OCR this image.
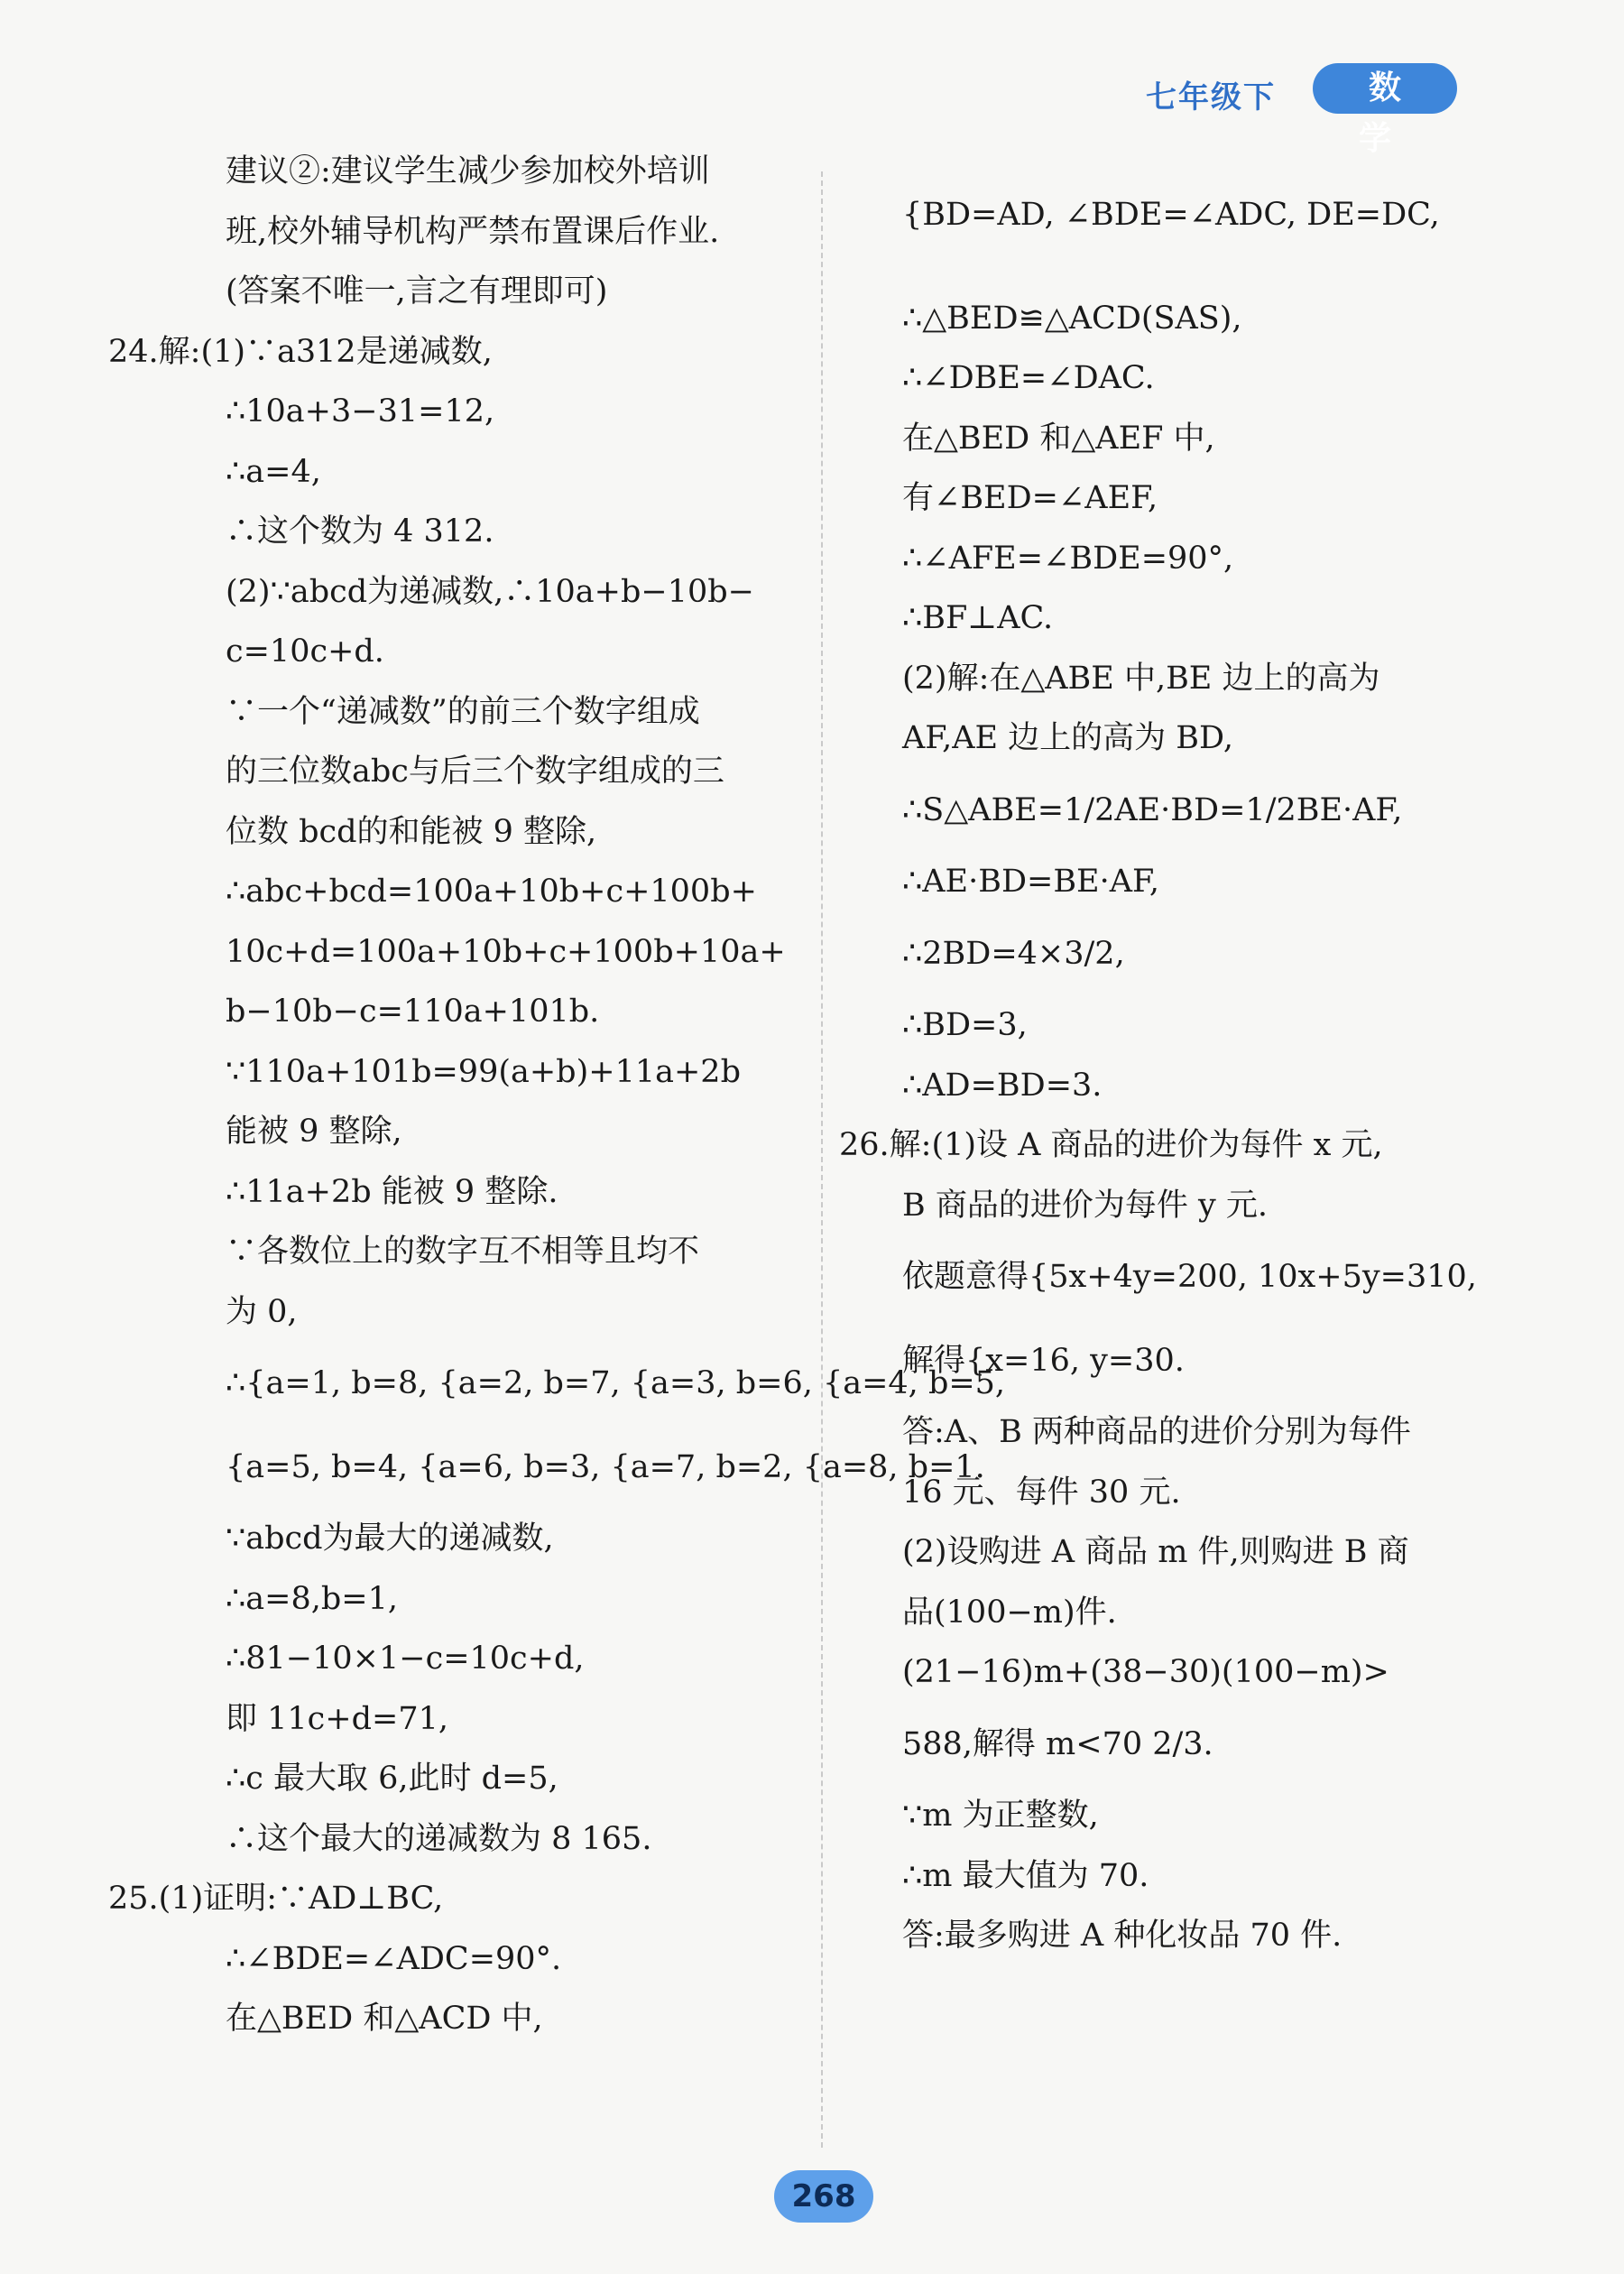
七年级下	数 学
建议②:建议学生减少参加校外培训
班,校外辅导机构严禁布置课后作业.
(答案不唯一,言之有理即可)
24.解:(1)∵a312是递减数,
∴10a+3−31=12,
∴a=4,
∴这个数为 4 312.
(2)∵abcd为递减数,∴10a+b−10b−
c=10c+d.
∵一个“递减数”的前三个数字组成
的三位数abc与后三个数字组成的三
位数 bcd的和能被 9 整除,
∴abc+bcd=100a+10b+c+100b+
10c+d=100a+10b+c+100b+10a+
b−10b−c=110a+101b.
∵110a+101b=99(a+b)+11a+2b
能被 9 整除,
∴11a+2b 能被 9 整除.
∵各数位上的数字互不相等且均不
为 0,
∴{a=1, b=8, {a=2, b=7, {a=3, b=6, {a=4, b=5,
{a=5, b=4, {a=6, b=3, {a=7, b=2, {a=8, b=1.
∵abcd为最大的递减数,
∴a=8,b=1,
∴81−10×1−c=10c+d,
即 11c+d=71,
∴c 最大取 6,此时 d=5,
∴这个最大的递减数为 8 165.
25.(1)证明:∵AD⊥BC,
∴∠BDE=∠ADC=90°.
在△BED 和△ACD 中,
{BD=AD, ∠BDE=∠ADC, DE=DC,
∴△BED≌△ACD(SAS),
∴∠DBE=∠DAC.
在△BED 和△AEF 中,
有∠BED=∠AEF,
∴∠AFE=∠BDE=90°,
∴BF⊥AC.
(2)解:在△ABE 中,BE 边上的高为
AF,AE 边上的高为 BD,
∴S△ABE=1/2AE·BD=1/2BE·AF,
∴AE·BD=BE·AF,
∴2BD=4×3/2,
∴BD=3,
∴AD=BD=3.
26.解:(1)设 A 商品的进价为每件 x 元,
B 商品的进价为每件 y 元.
依题意得{5x+4y=200, 10x+5y=310,
解得{x=16, y=30.
答:A、B 两种商品的进价分别为每件
16 元、每件 30 元.
(2)设购进 A 商品 m 件,则购进 B 商
品(100−m)件.
(21−16)m+(38−30)(100−m)>
588,解得 m<70 2/3.
∵m 为正整数,
∴m 最大值为 70.
答:最多购进 A 种化妆品 70 件.
268
